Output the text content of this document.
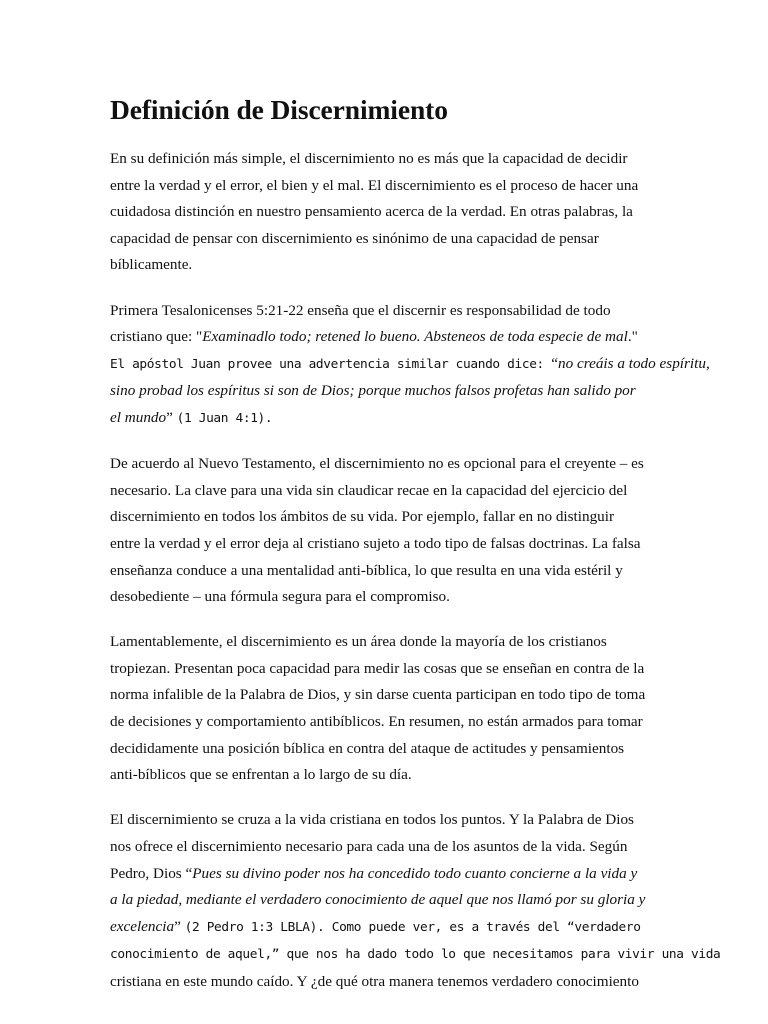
Definición de Discernimiento

En su definición más simple, el discernimiento no es más que la capacidad de decidir
entre la verdad y el error, el bien y el mal. El discernimiento es el proceso de hacer una
cuidadosa distinción en nuestro pensamiento acerca de la verdad. En otras palabras, la
capacidad de pensar con discernimiento es sinónimo de una capacidad de pensar
bíblicamente.

Primera Tesalonicenses 5:21-22 enseña que el discernir es responsabilidad de todo
cristiano que: "Examinadlo todo; retened lo bueno. Absteneos de toda especie de mal."
El apóstol Juan provee una advertencia similar cuando dice: “no creáis a todo espíritu,
sino probad los espíritus si son de Dios; porque muchos falsos profetas han salido por
el mundo” (1 Juan 4:1).

De acuerdo al Nuevo Testamento, el discernimiento no es opcional para el creyente – es
necesario. La clave para una vida sin claudicar recae en la capacidad del ejercicio del
discernimiento en todos los ámbitos de su vida. Por ejemplo, fallar en no distinguir
entre la verdad y el error deja al cristiano sujeto a todo tipo de falsas doctrinas. La falsa
enseñanza conduce a una mentalidad anti-bíblica, lo que resulta en una vida estéril y
desobediente – una fórmula segura para el compromiso.

Lamentablemente, el discernimiento es un área donde la mayoría de los cristianos
tropiezan. Presentan poca capacidad para medir las cosas que se enseñan en contra de la
norma infalible de la Palabra de Dios, y sin darse cuenta participan en todo tipo de toma
de decisiones y comportamiento antibíblicos. En resumen, no están armados para tomar
decididamente una posición bíblica en contra del ataque de actitudes y pensamientos
anti-bíblicos que se enfrentan a lo largo de su día.

El discernimiento se cruza a la vida cristiana en todos los puntos. Y la Palabra de Dios
nos ofrece el discernimiento necesario para cada una de los asuntos de la vida. Según
Pedro, Dios “Pues su divino poder nos ha concedido todo cuanto concierne a la vida y
a la piedad, mediante el verdadero conocimiento de aquel que nos llamó por su gloria y
excelencia” (2 Pedro 1:3 LBLA). Como puede ver, es a través del “verdadero
conocimiento de aquel,” que nos ha dado todo lo que necesitamos para vivir una vida
cristiana en este mundo caído. Y ¿de qué otra manera tenemos verdadero conocimiento
